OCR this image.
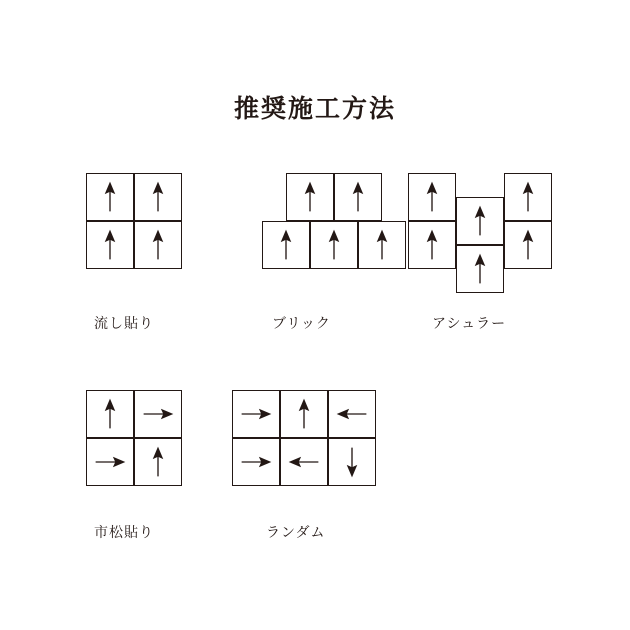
推奨施工方法
流し貼り	ブリック	アシュラー
市松貼り	ランダム
